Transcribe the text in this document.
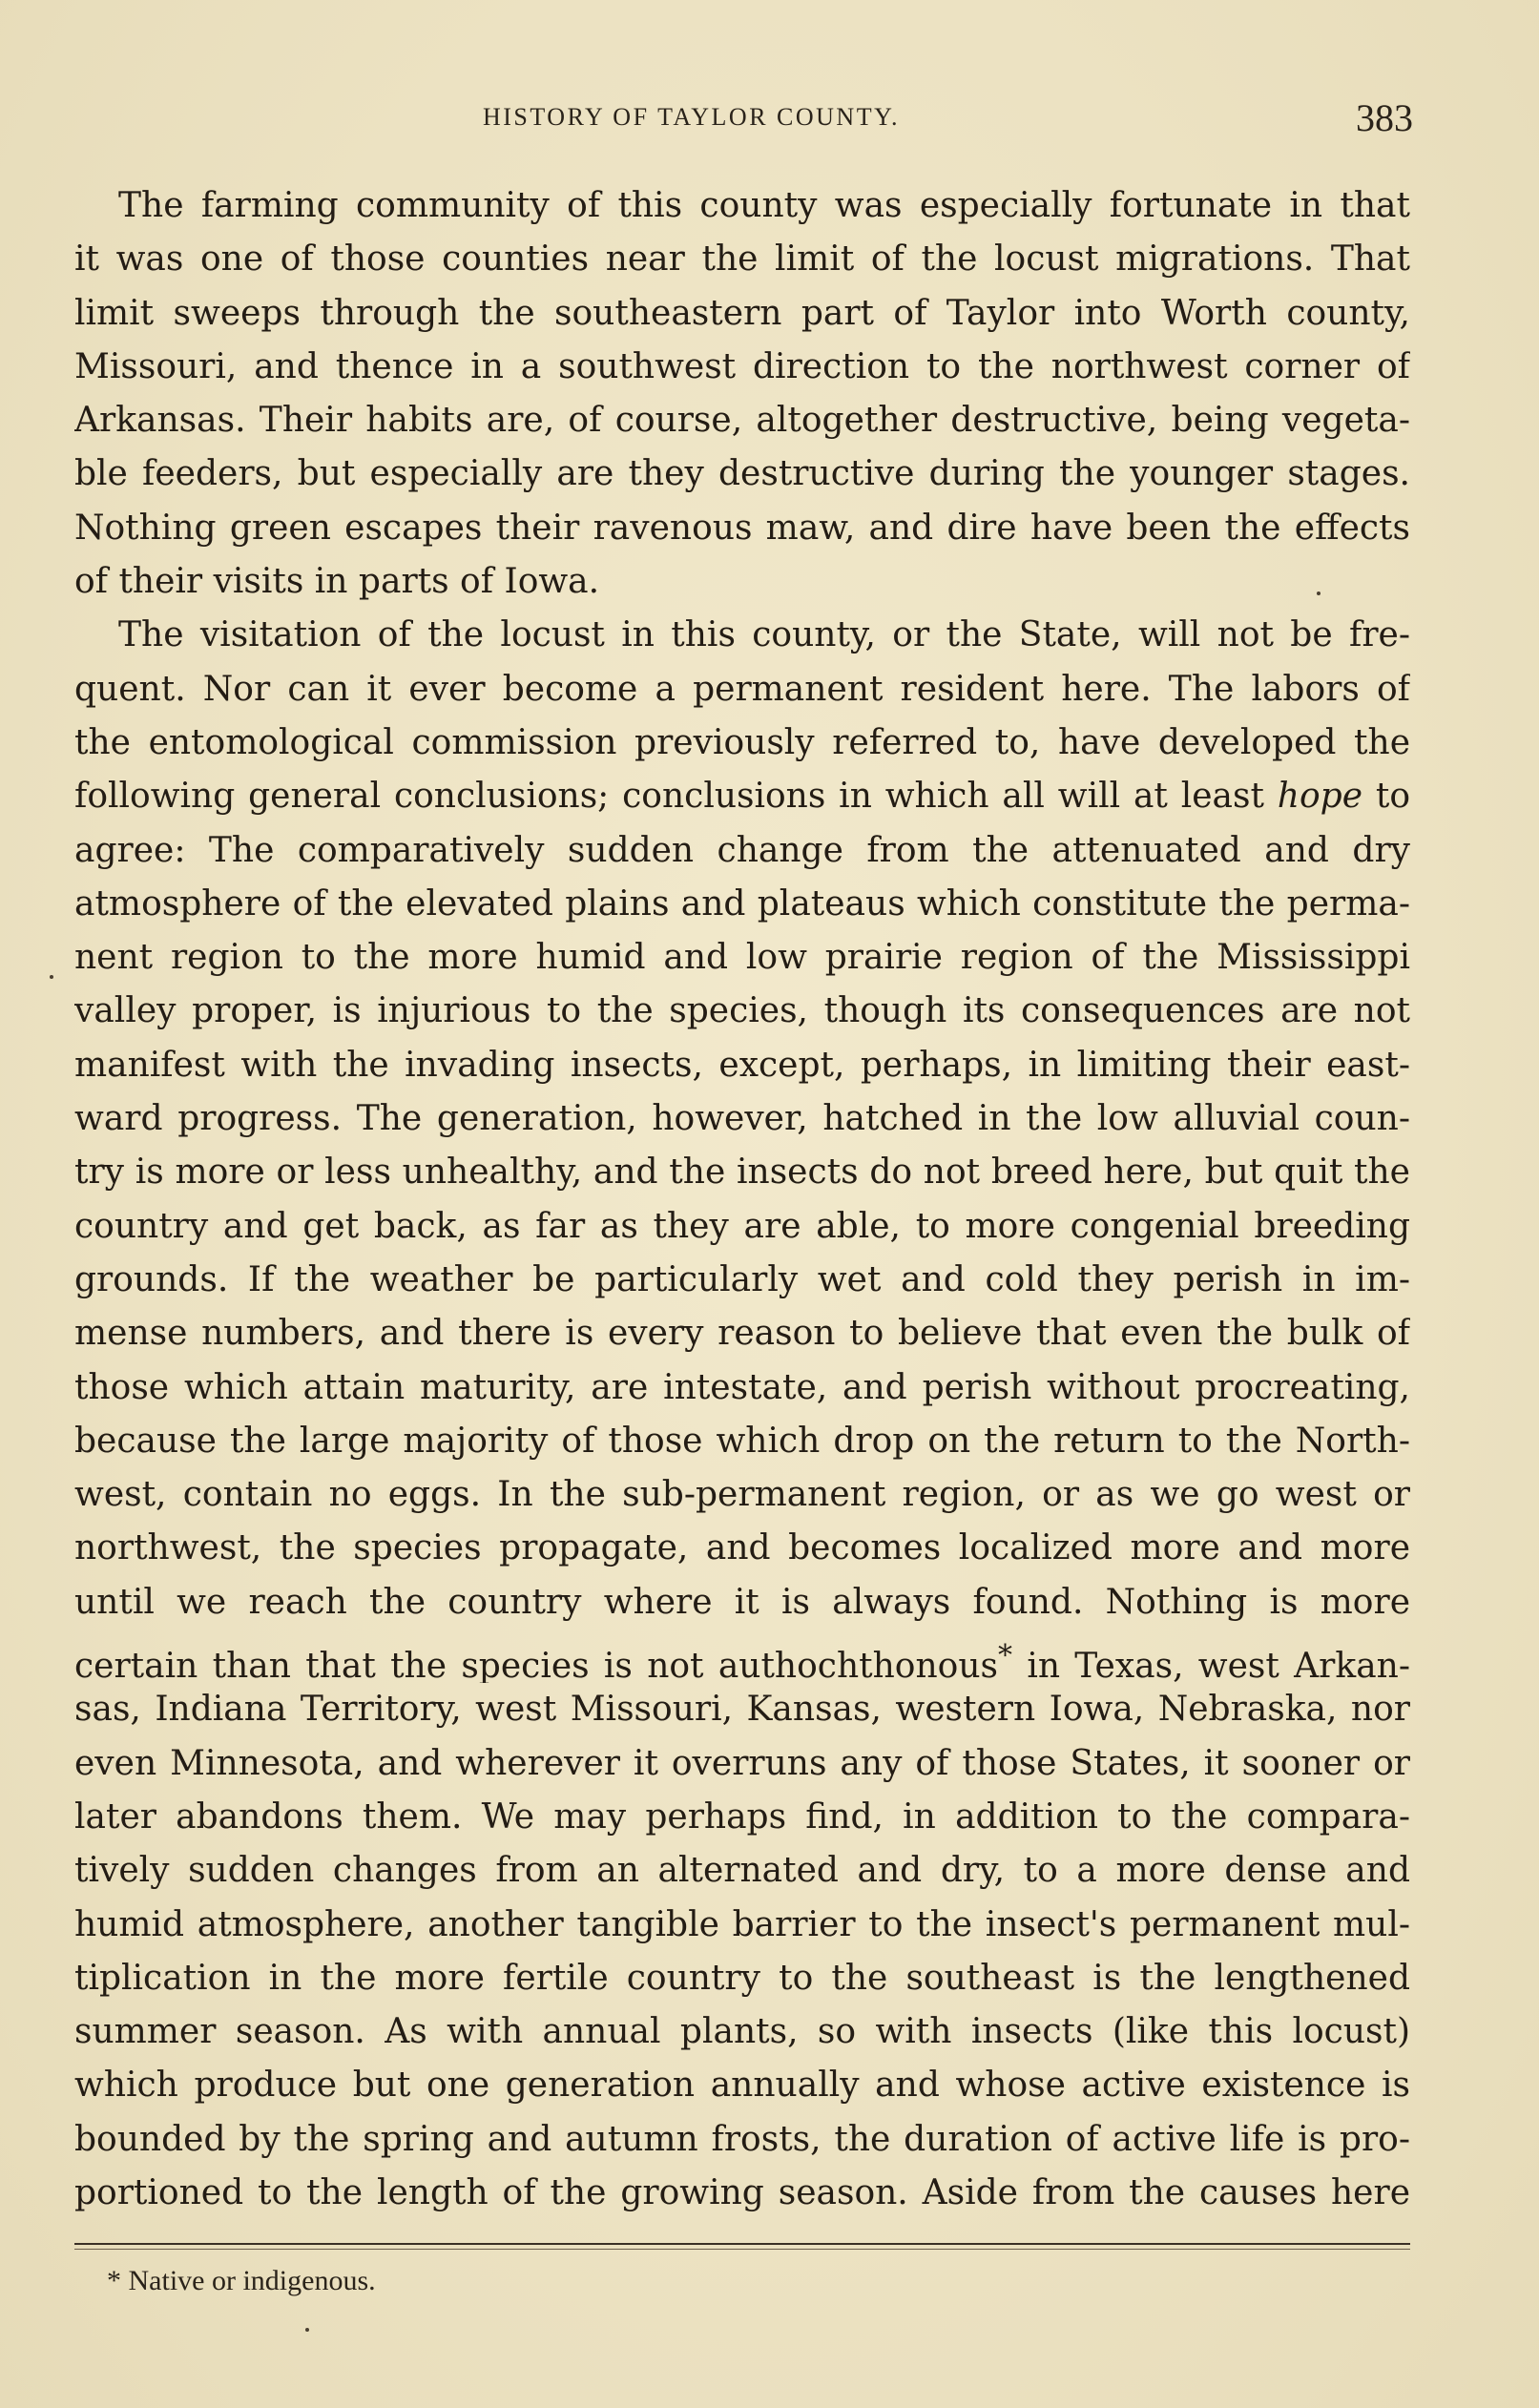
HISTORY OF TAYLOR COUNTY.	383
The farming community of this county was especially fortunate in that
it was one of those counties near the limit of the locust migrations. That
limit sweeps through the southeastern part of Taylor into Worth county,
Missouri, and thence in a southwest direction to the northwest corner of
Arkansas. Their habits are, of course, altogether destructive, being vegeta-
ble feeders, but especially are they destructive during the younger stages.
Nothing green escapes their ravenous maw, and dire have been the effects
of their visits in parts of Iowa.
The visitation of the locust in this county, or the State, will not be fre-
quent. Nor can it ever become a permanent resident here. The labors of
the entomological commission previously referred to, have developed the
following general conclusions; conclusions in which all will at least hope to
agree: The comparatively sudden change from the attenuated and dry
atmosphere of the elevated plains and plateaus which constitute the perma-
nent region to the more humid and low prairie region of the Mississippi
valley proper, is injurious to the species, though its consequences are not
manifest with the invading insects, except, perhaps, in limiting their east-
ward progress. The generation, however, hatched in the low alluvial coun-
try is more or less unhealthy, and the insects do not breed here, but quit the
country and get back, as far as they are able, to more congenial breeding
grounds. If the weather be particularly wet and cold they perish in im-
mense numbers, and there is every reason to believe that even the bulk of
those which attain maturity, are intestate, and perish without procreating,
because the large majority of those which drop on the return to the North-
west, contain no eggs. In the sub-permanent region, or as we go west or
northwest, the species propagate, and becomes localized more and more
until we reach the country where it is always found. Nothing is more
certain than that the species is not authochthonous* in Texas, west Arkan-
sas, Indiana Territory, west Missouri, Kansas, western Iowa, Nebraska, nor
even Minnesota, and wherever it overruns any of those States, it sooner or
later abandons them. We may perhaps find, in addition to the compara-
tively sudden changes from an alternated and dry, to a more dense and
humid atmosphere, another tangible barrier to the insect's permanent mul-
tiplication in the more fertile country to the southeast is the lengthened
summer season. As with annual plants, so with insects (like this locust)
which produce but one generation annually and whose active existence is
bounded by the spring and autumn frosts, the duration of active life is pro-
portioned to the length of the growing season. Aside from the causes here
* Native or indigenous.
